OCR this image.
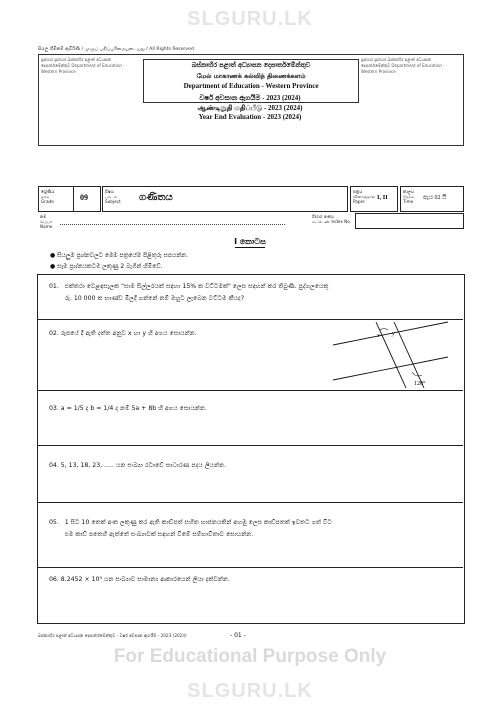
SLGURU.LK
සියලු හිමිකම් ඇවිරිණි / முழுப் பதிப்புரிமையுடையது / All Rights Reserved
ප්‍රස්ථාර ප්‍රස්ථාර බස්නාහිර පළාත් අධ්‍යාපන දෙපාර්තමේන්තුව Department of Education - Western Province
බස්නාහිර පළාත් අධ්‍යාපන දෙපාර්තමේන්තුව
மேல் மாகாணக் கல்வித் திணைக்களம்
Department of Education - Western Province
ප්‍රස්ථාර ප්‍රස්ථාර බස්නාහිර පළාත් අධ්‍යාපන දෙපාර්තමේන්තුව Department of Education - Western Province
වර්ෂ අවසාන ඇගයීම - 2023 (2024)
ஆண்டிறுதி மதிப்பீடு - 2023 (2024)
Year End Evaluation - 2023 (2024)
ශ්‍රේණිය தரம் Grade	09
විෂය பாடம் Subject ගණිතය
පත්‍රය வினாத்தாள் Paper
I, II
කාලය நேரம் Time
පැය 02 යි
නම பெயர் Name
විභාග අංකය சுட்டெண் Index No.
I කොටස
● සියලුම ප්‍රශ්නවලට මෙම පත්‍රයේම පිළිතුරු සපයන්න.
● සෑම ප්‍රශ්නයකටම ලකුණු 2 බැගින් හිමිවේ.
01.   එක්තරා වෙළඳසැලක "සාම සිල්ලරයක් සඳහා 15% ක වට්ටමක්" ලෙස සඳහන් කර තිබුණි. පුද්ගලයෙකු
රු. 10 000 ක භාණ්ඩ මිලදී ගන්නේ නම් ඔහුට ලැබෙන වට්ටම කීයද?
02. රූපයේ දී ඇති දත්ත අනුව x හා y හි අගය සොයන්න.	x y
120°
03. a = 1/5 ද b = 1/4 ද නම් 5a + 8b හි අගය සොයන්න.
04. 5, 13, 18, 23, ..... යන සංඛ්‍යා රටාවේ සාධාරණ පදය ලියන්න.
05.   1 සිට 10 තෙක් අංක ලකුණු කර ඇති කාඩ්පත් සහිත භාජනයකින් අහඹු ලෙස කාඩ්පතක් ඉවතට ගත් විට
එම කාඩ් පතෙහි ඇත්තේ සංඛ්‍යාවක් සඳහන් වීමේ සම්භාවිතාව සොයන්න.
06. 8.2452 × 10³ යන සංඛ්‍යාව සාමාන්‍ය ආකාරයෙන් ලියා දක්වන්න.
බස්නාහිර පළාත් අධ්‍යාපන දෙපාර්තමේන්තුව - වර්ෂ අවසාන ඇගයීම - 2023 (2024)	- 01 -
For Educational Purpose Only
SLGURU.LK
